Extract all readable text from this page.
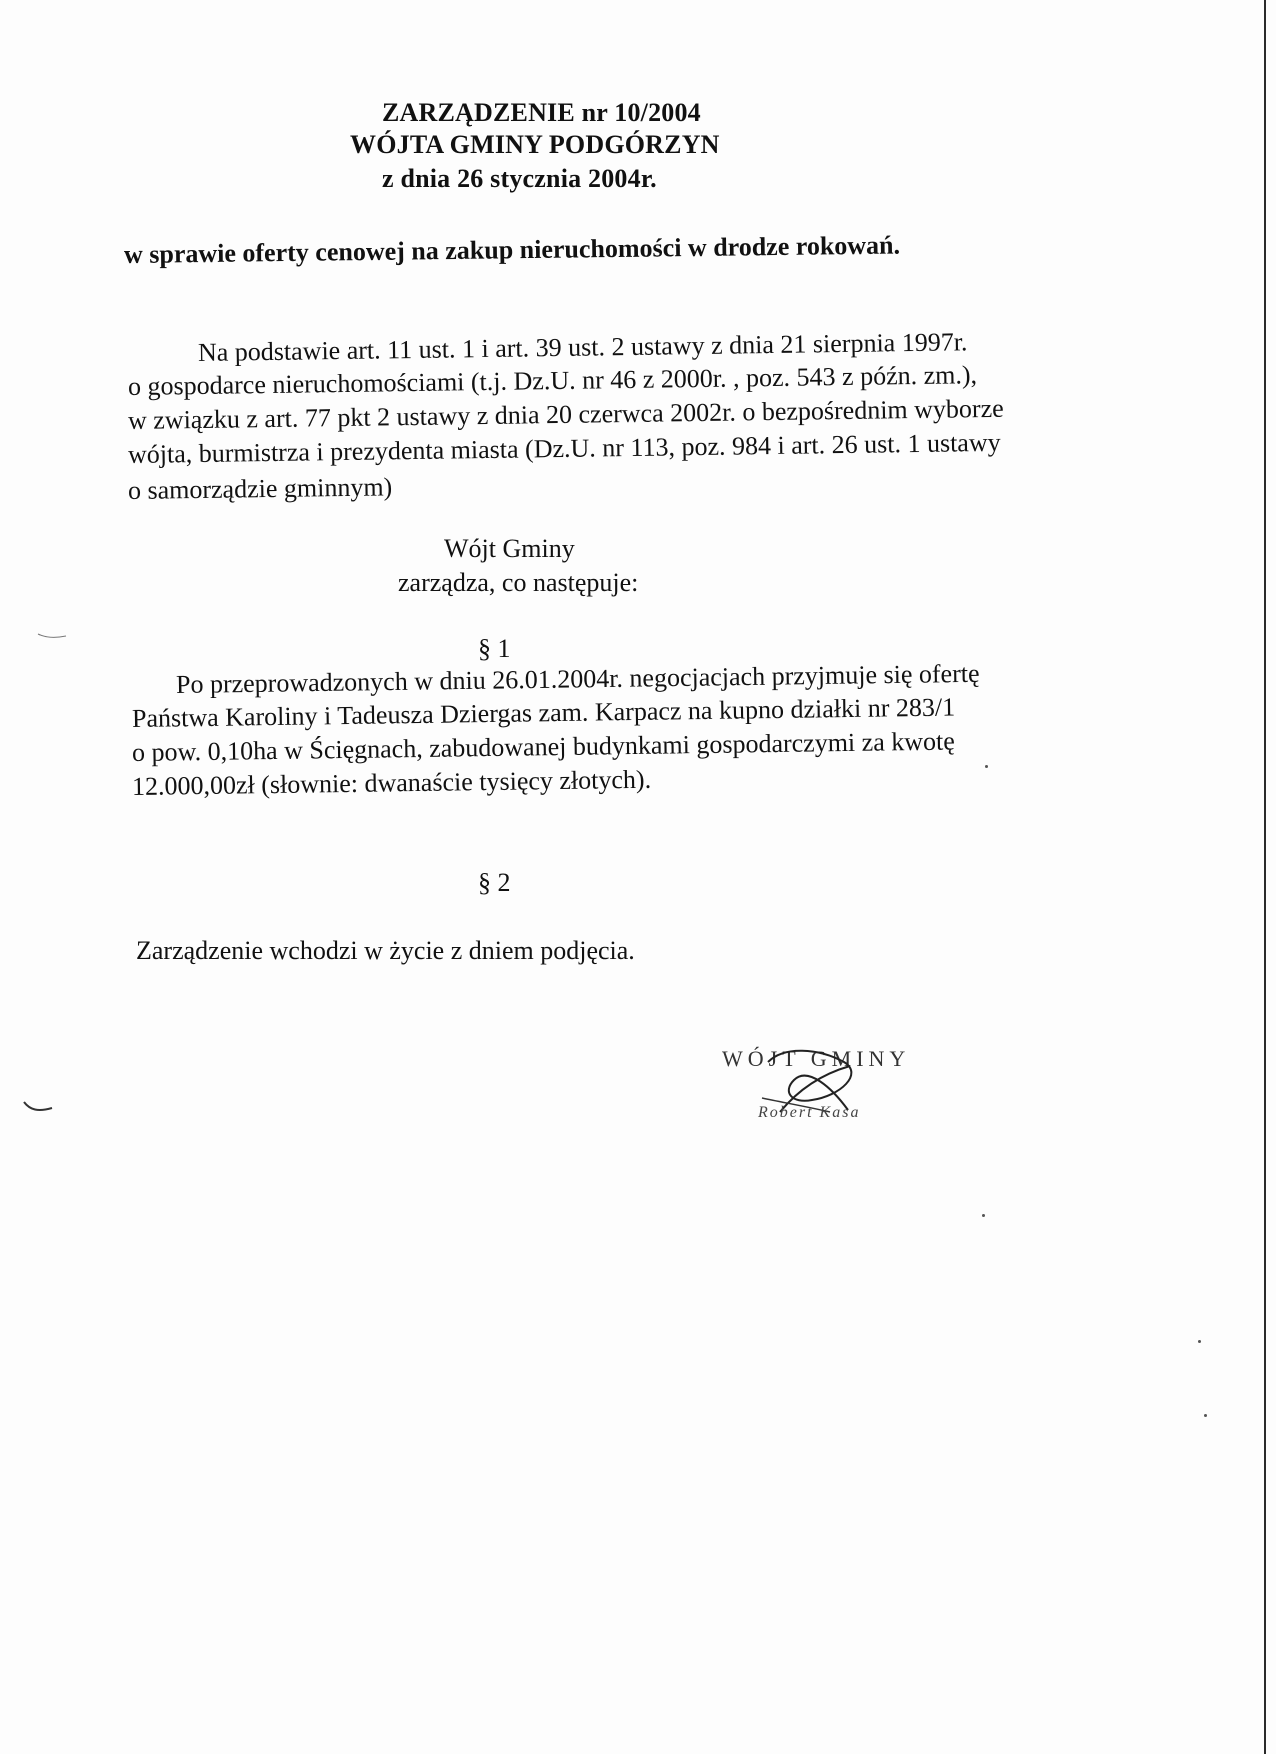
ZARZĄDZENIE nr 10/2004
WÓJTA GMINY PODGÓRZYN
z dnia 26 stycznia 2004r.
w sprawie oferty cenowej na zakup nieruchomości w drodze rokowań.
Na podstawie art. 11 ust. 1 i art. 39 ust. 2 ustawy z dnia 21 sierpnia 1997r.
o gospodarce nieruchomościami (t.j. Dz.U. nr 46 z 2000r. , poz. 543 z późn. zm.),
w związku z art. 77 pkt 2 ustawy z dnia 20 czerwca 2002r. o bezpośrednim wyborze
wójta, burmistrza i prezydenta miasta (Dz.U. nr 113, poz. 984 i art. 26 ust. 1 ustawy
o samorządzie gminnym)
Wójt Gminy
zarządza, co następuje:
§ 1
Po przeprowadzonych w dniu 26.01.2004r. negocjacjach przyjmuje się ofertę
Państwa Karoliny i Tadeusza Dziergas zam. Karpacz na kupno działki nr 283/1
o pow. 0,10ha w Ścięgnach, zabudowanej budynkami gospodarczymi za kwotę
12.000,00zł (słownie: dwanaście tysięcy złotych).
§ 2
Zarządzenie wchodzi w życie z dniem podjęcia.
WÓJT GMINY
Robert Kasa
